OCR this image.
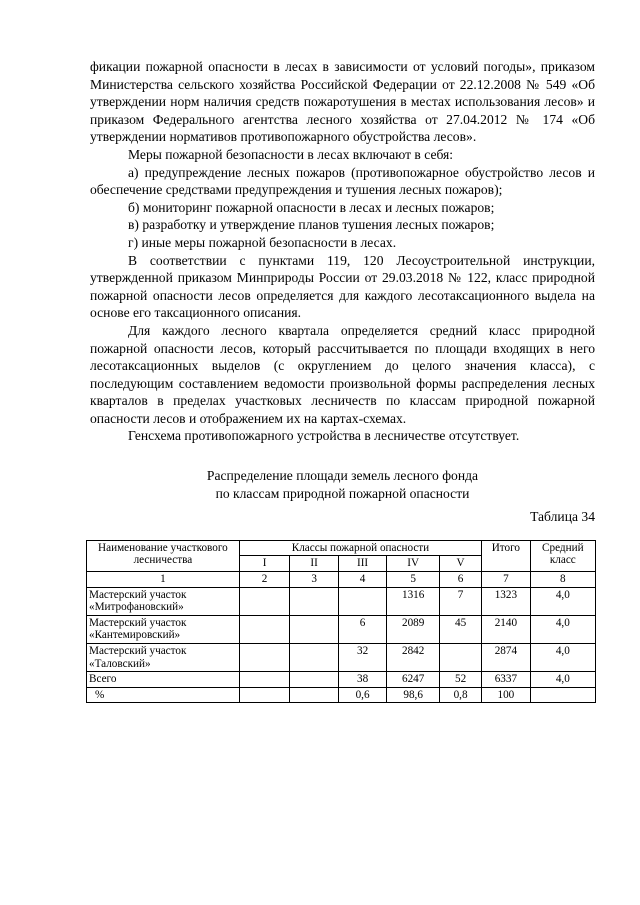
фикации пожарной опасности в лесах в зависимости от условий погоды», приказом Министерства сельского хозяйства Российской Федерации от 22.12.2008 № 549 «Об утверждении норм наличия средств пожаротушения в местах использования лесов» и приказом Федерального агентства лесного хозяйства от 27.04.2012 № 174 «Об утверждении нормативов противопожарного обустройства лесов».

Меры пожарной безопасности в лесах включают в себя:

а) предупреждение лесных пожаров (противопожарное обустройство лесов и обеспечение средствами предупреждения и тушения лесных пожаров);

б) мониторинг пожарной опасности в лесах и лесных пожаров;

в) разработку и утверждение планов тушения лесных пожаров;

г) иные меры пожарной безопасности в лесах.

В соответствии с пунктами 119, 120 Лесоустроительной инструкции, утвержденной приказом Минприроды России от 29.03.2018 № 122, класс природной пожарной опасности лесов определяется для каждого лесотаксационного выдела на основе его таксационного описания.

Для каждого лесного квартала определяется средний класс природной пожарной опасности лесов, который рассчитывается по площади входящих в него лесотаксационных выделов (с округлением до целого значения класса), с последующим составлением ведомости произвольной формы распределения лесных кварталов в пределах участковых лесничеств по классам природной пожарной опасности лесов и отображением их на картах-схемах.

Генсхема противопожарного устройства в лесничестве отсутствует.

Распределение площади земель лесного фонда
по классам природной пожарной опасности
Таблица 34
Наименование участкового лесничества	Классы пожарной опасности					Итого	Средний класс
	I	II	III	IV	V		
1	2	3	4	5	6	7	8
Мастерский участок «Митрофановский»				1316	7	1323	4,0
Мастерский участок «Кантемировский»			6	2089	45	2140	4,0
Мастерский участок «Таловский»			32	2842		2874	4,0
Всего			38	6247	52	6337	4,0
%			0,6	98,6	0,8	100	
